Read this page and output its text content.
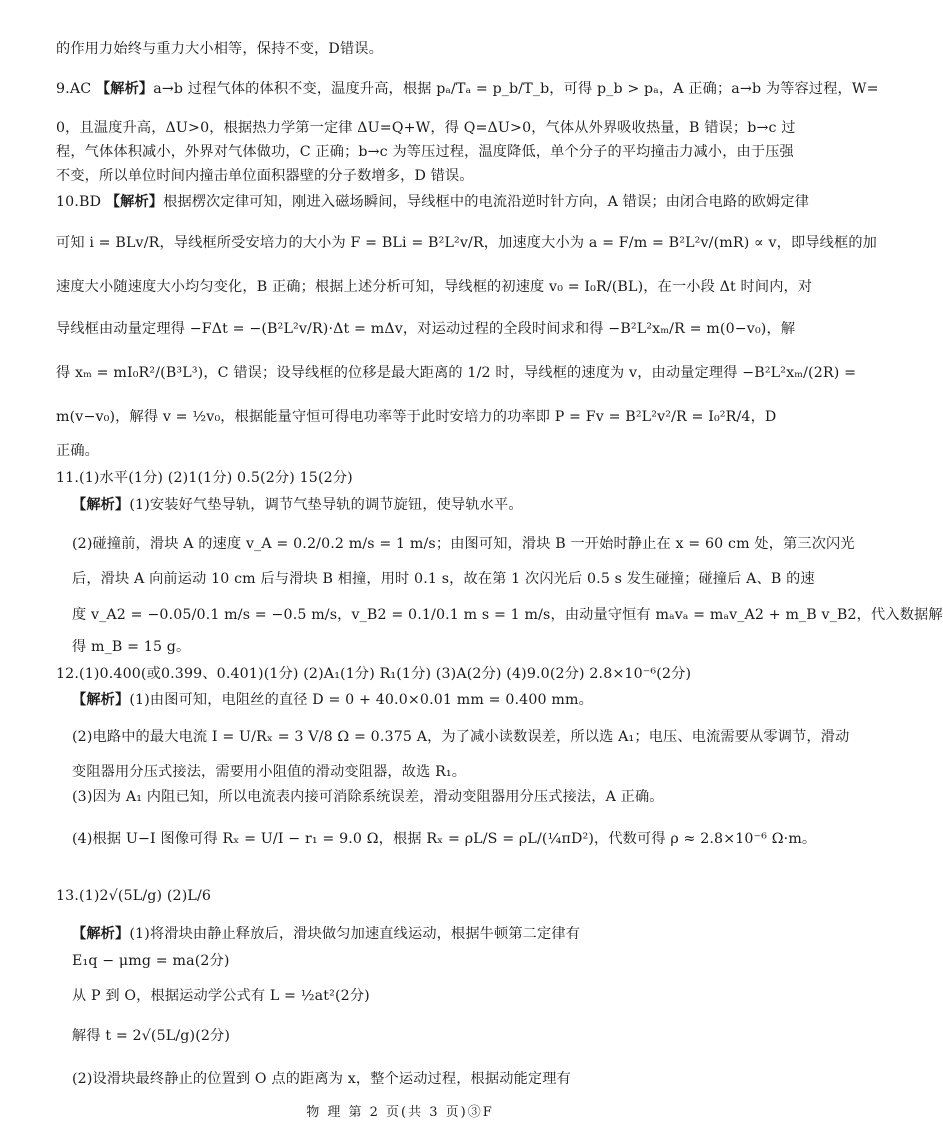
的作用力始终与重力大小相等，保持不变，D错误。
9.AC 【解析】a→b 过程气体的体积不变，温度升高，根据 pₐ/Tₐ = p_b/T_b，可得 p_b > pₐ，A 正确；a→b 为等容过程，W=
0，且温度升高，ΔU>0，根据热力学第一定律 ΔU=Q+W，得 Q=ΔU>0，气体从外界吸收热量，B 错误；b→c 过
程，气体体积减小，外界对气体做功，C 正确；b→c 为等压过程，温度降低，单个分子的平均撞击力减小，由于压强
不变，所以单位时间内撞击单位面积器壁的分子数增多，D 错误。
10.BD 【解析】根据楞次定律可知，刚进入磁场瞬间，导线框中的电流沿逆时针方向，A 错误；由闭合电路的欧姆定律
可知 i = BLv/R，导线框所受安培力的大小为 F = BLi = B²L²v/R，加速度大小为 a = F/m = B²L²v/(mR) ∝ v，即导线框的加
速度大小随速度大小均匀变化，B 正确；根据上述分析可知，导线框的初速度 v₀ = I₀R/(BL)，在一小段 Δt 时间内，对
导线框由动量定理得 −FΔt = −(B²L²v/R)·Δt = mΔv，对运动过程的全段时间求和得 −B²L²xₘ/R = m(0−v₀)，解
得 xₘ = mI₀R²/(B³L³)，C 错误；设导线框的位移是最大距离的 1/2 时，导线框的速度为 v，由动量定理得 −B²L²xₘ/(2R) =
m(v−v₀)，解得 v = ½v₀，根据能量守恒可得电功率等于此时安培力的功率即 P = Fv = B²L²v²/R = I₀²R/4，D
正确。
11.(1)水平(1分) (2)1(1分) 0.5(2分) 15(2分)
【解析】(1)安装好气垫导轨，调节气垫导轨的调节旋钮，使导轨水平。
(2)碰撞前，滑块 A 的速度 v_A = 0.2/0.2 m/s = 1 m/s；由图可知，滑块 B 一开始时静止在 x = 60 cm 处，第三次闪光
后，滑块 A 向前运动 10 cm 后与滑块 B 相撞，用时 0.1 s，故在第 1 次闪光后 0.5 s 发生碰撞；碰撞后 A、B 的速
度 v_A2 = −0.05/0.1 m/s = −0.5 m/s，v_B2 = 0.1/0.1 m s = 1 m/s，由动量守恒有 mₐvₐ = mₐv_A2 + m_B v_B2，代入数据解
得 m_B = 15 g。
12.(1)0.400(或0.399、0.401)(1分) (2)A₁(1分) R₁(1分) (3)A(2分) (4)9.0(2分) 2.8×10⁻⁶(2分)
【解析】(1)由图可知，电阻丝的直径 D = 0 + 40.0×0.01 mm = 0.400 mm。
(2)电路中的最大电流 I = U/Rₓ = 3 V/8 Ω = 0.375 A，为了减小读数误差，所以选 A₁；电压、电流需要从零调节，滑动
变阻器用分压式接法，需要用小阻值的滑动变阻器，故选 R₁。
(3)因为 A₁ 内阻已知，所以电流表内接可消除系统误差，滑动变阻器用分压式接法，A 正确。
(4)根据 U−I 图像可得 Rₓ = U/I − r₁ = 9.0 Ω，根据 Rₓ = ρL/S = ρL/(¼πD²)，代数可得 ρ ≈ 2.8×10⁻⁶ Ω·m。
13.(1)2√(5L/g) (2)L/6
【解析】(1)将滑块由静止释放后，滑块做匀加速直线运动，根据牛顿第二定律有
E₁q − μmg = ma(2分)
从 P 到 O，根据运动学公式有 L = ½at²(2分)
解得 t = 2√(5L/g)(2分)
(2)设滑块最终静止的位置到 O 点的距离为 x，整个运动过程，根据动能定理有
物 理 第 2 页(共 3 页)③F
